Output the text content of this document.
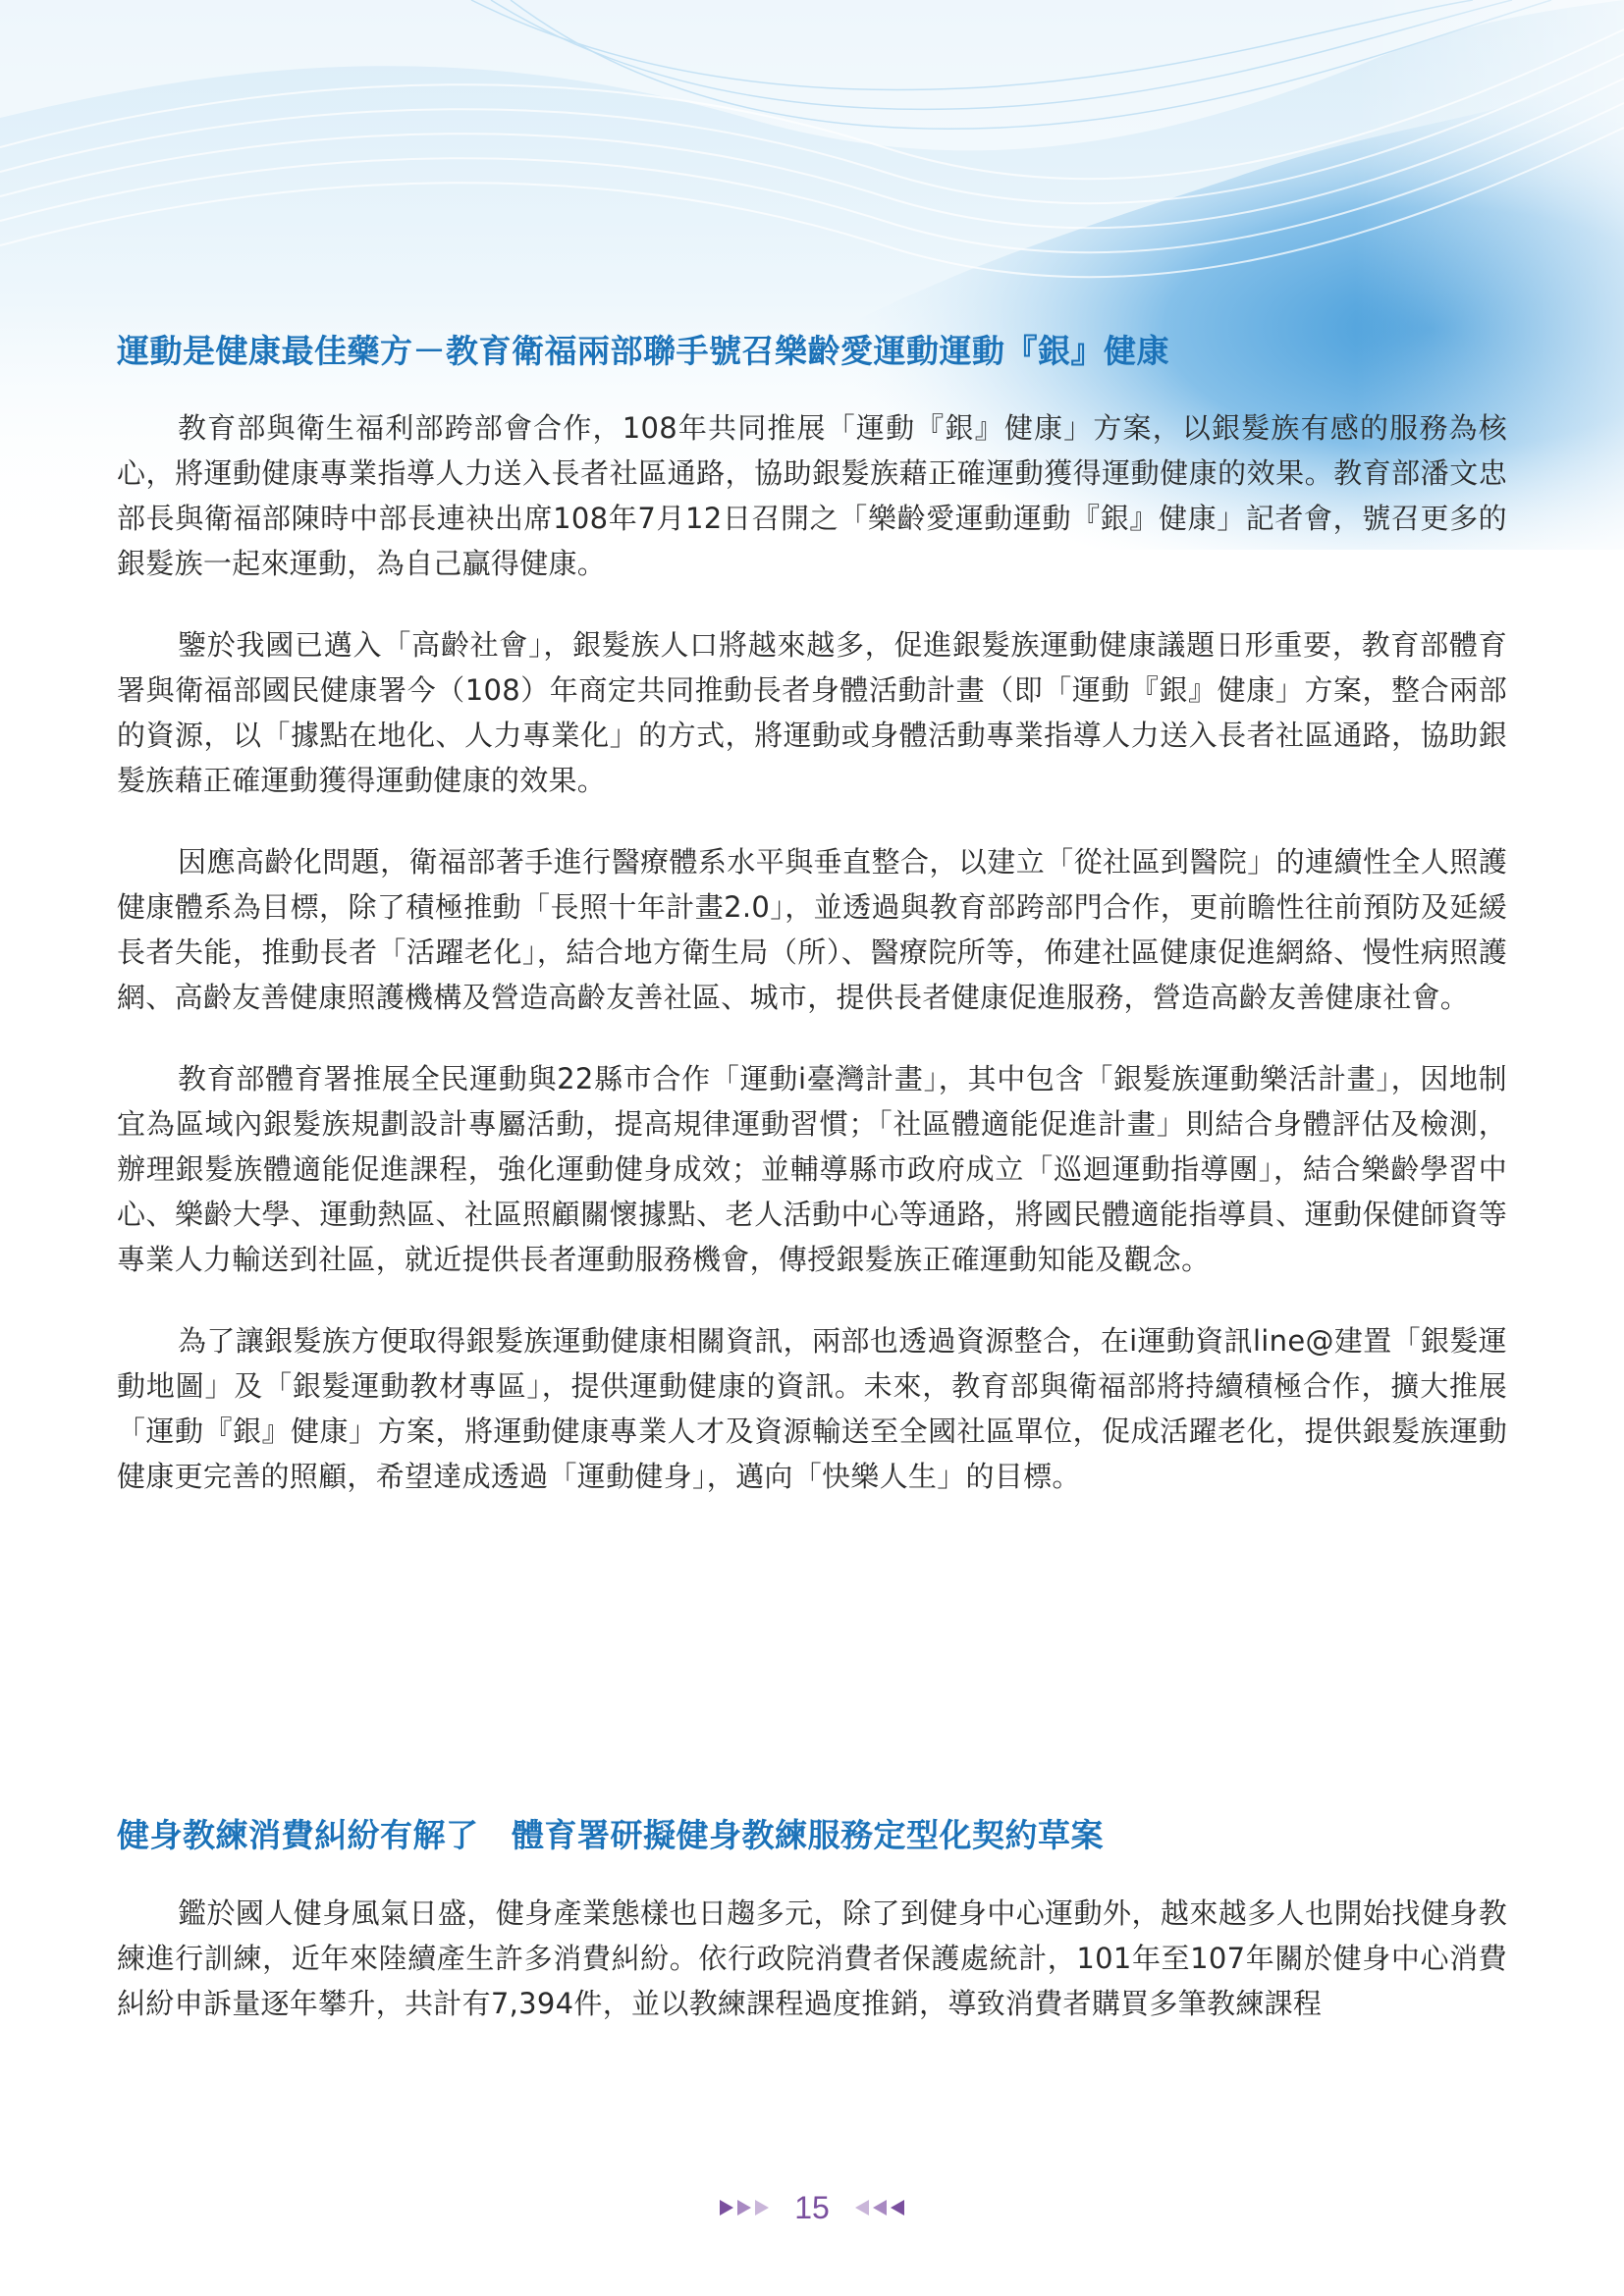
運動是健康最佳藥方－教育衛福兩部聯手號召樂齡愛運動運動『銀』健康

教育部與衛生福利部跨部會合作，108年共同推展「運動『銀』健康」方案，以銀髮族有感的服務為核心，將運動健康專業指導人力送入長者社區通路，協助銀髮族藉正確運動獲得運動健康的效果。教育部潘文忠部長與衛福部陳時中部長連袂出席108年7月12日召開之「樂齡愛運動運動『銀』健康」記者會，號召更多的銀髮族一起來運動，為自己贏得健康。

鑒於我國已邁入「高齡社會」，銀髮族人口將越來越多，促進銀髮族運動健康議題日形重要，教育部體育署與衛福部國民健康署今（108）年商定共同推動長者身體活動計畫（即「運動『銀』健康」方案，整合兩部的資源，以「據點在地化、人力專業化」的方式，將運動或身體活動專業指導人力送入長者社區通路，協助銀髮族藉正確運動獲得運動健康的效果。

因應高齡化問題，衛福部著手進行醫療體系水平與垂直整合，以建立「從社區到醫院」的連續性全人照護健康體系為目標，除了積極推動「長照十年計畫2.0」，並透過與教育部跨部門合作，更前瞻性往前預防及延緩長者失能，推動長者「活躍老化」，結合地方衛生局（所）、醫療院所等，佈建社區健康促進網絡、慢性病照護網、高齡友善健康照護機構及營造高齡友善社區、城市，提供長者健康促進服務，營造高齡友善健康社會。

教育部體育署推展全民運動與22縣市合作「運動i臺灣計畫」，其中包含「銀髮族運動樂活計畫」，因地制宜為區域內銀髮族規劃設計專屬活動，提高規律運動習慣；「社區體適能促進計畫」則結合身體評估及檢測，辦理銀髮族體適能促進課程，強化運動健身成效；並輔導縣市政府成立「巡迴運動指導團」，結合樂齡學習中心、樂齡大學、運動熱區、社區照顧關懷據點、老人活動中心等通路，將國民體適能指導員、運動保健師資等專業人力輸送到社區，就近提供長者運動服務機會，傳授銀髮族正確運動知能及觀念。

為了讓銀髮族方便取得銀髮族運動健康相關資訊，兩部也透過資源整合，在i運動資訊line@建置「銀髮運動地圖」及「銀髮運動教材專區」，提供運動健康的資訊。未來，教育部與衛福部將持續積極合作，擴大推展「運動『銀』健康」方案，將運動健康專業人才及資源輸送至全國社區單位，促成活躍老化，提供銀髮族運動健康更完善的照顧，希望達成透過「運動健身」，邁向「快樂人生」的目標。

健身教練消費糾紛有解了　體育署研擬健身教練服務定型化契約草案

鑑於國人健身風氣日盛，健身產業態樣也日趨多元，除了到健身中心運動外，越來越多人也開始找健身教練進行訓練，近年來陸續產生許多消費糾紛。依行政院消費者保護處統計，101年至107年關於健身中心消費糾紛申訴量逐年攀升，共計有7,394件，並以教練課程過度推銷，導致消費者購買多筆教練課程

15
